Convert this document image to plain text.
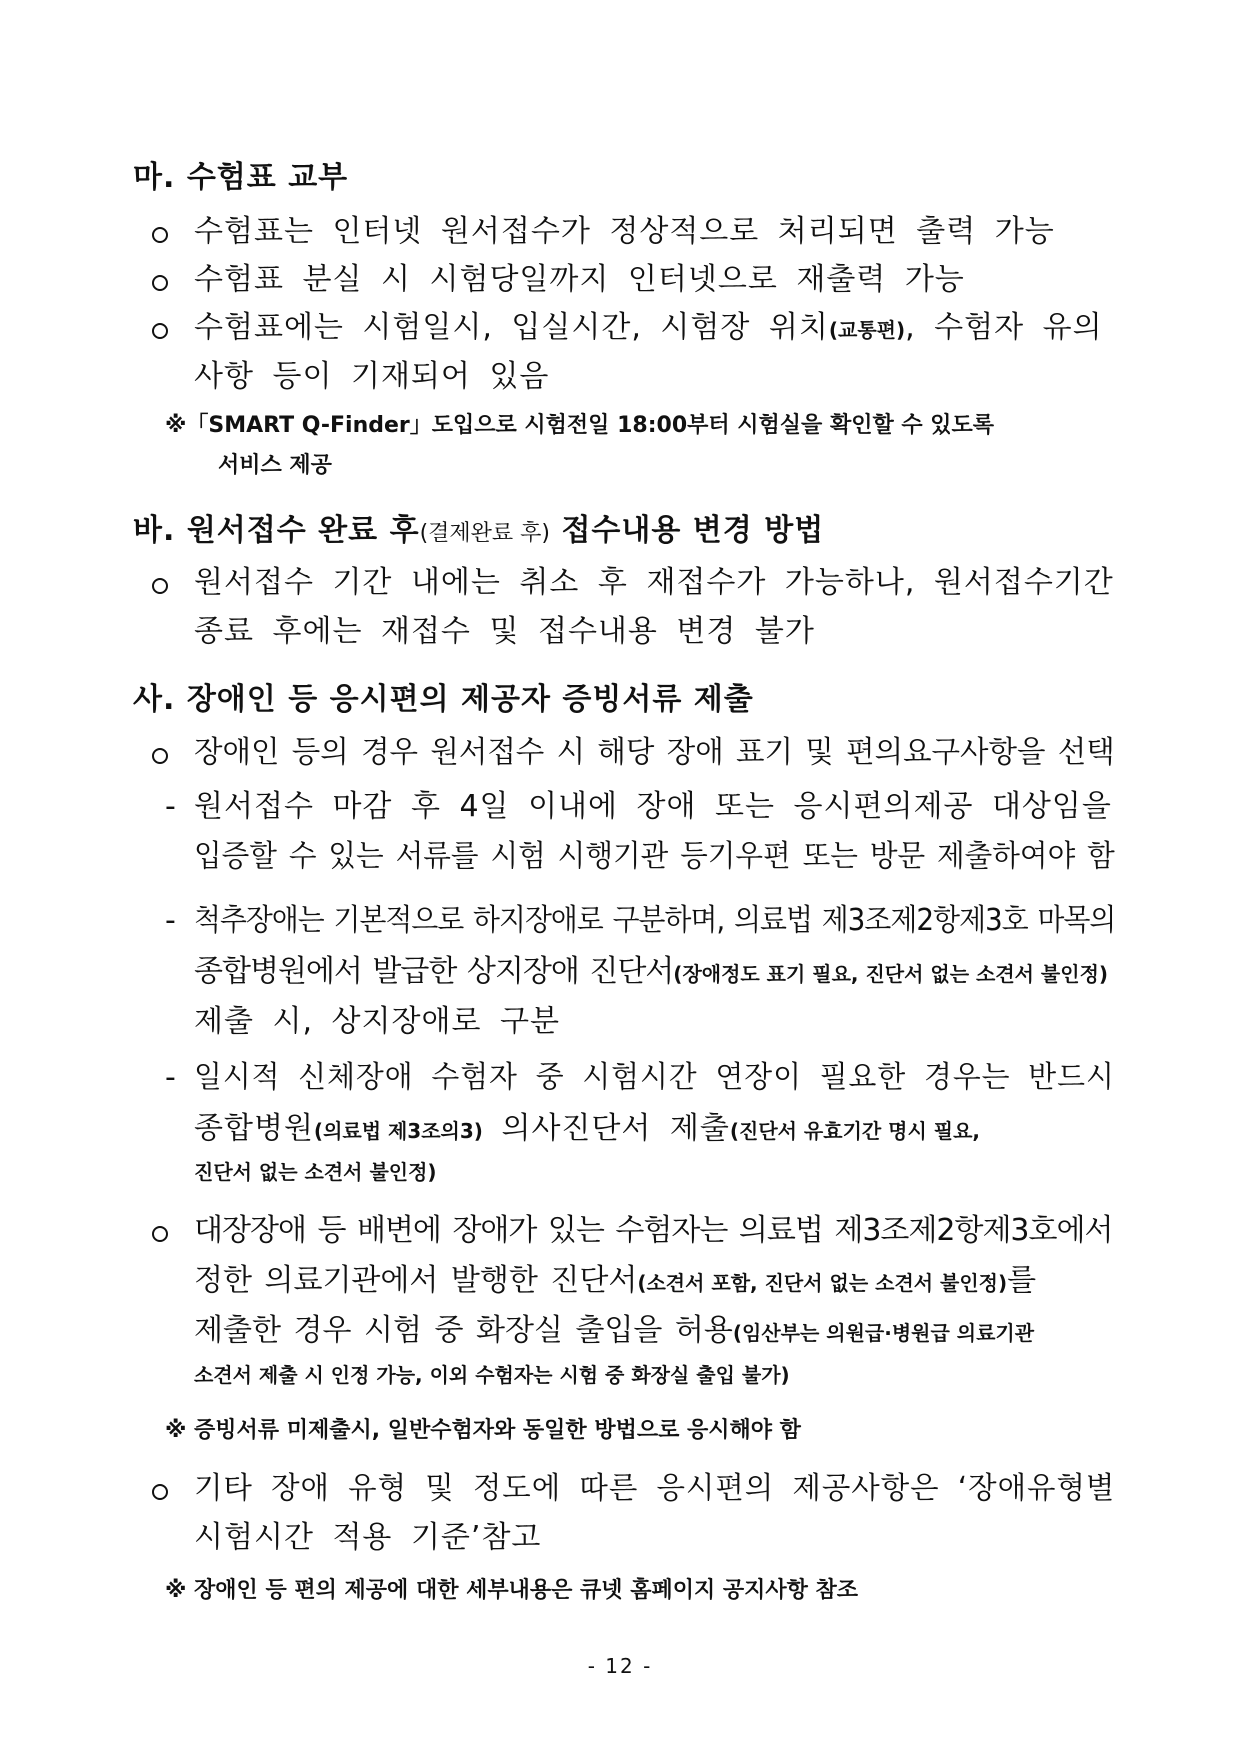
마. 수험표 교부
수험표는 인터넷 원서접수가 정상적으로 처리되면 출력 가능
수험표 분실 시 시험당일까지 인터넷으로 재출력 가능
수험표에는 시험일시, 입실시간, 시험장 위치(교통편), 수험자 유의
사항 등이 기재되어 있음
※「SMART Q-Finder」도입으로 시험전일 18:00부터 시험실을 확인할 수 있도록
서비스 제공
바. 원서접수 완료 후(결제완료 후) 접수내용 변경 방법
원서접수 기간 내에는 취소 후 재접수가 가능하나, 원서접수기간
종료 후에는 재접수 및 접수내용 변경 불가
사. 장애인 등 응시편의 제공자 증빙서류 제출
장애인 등의 경우 원서접수 시 해당 장애 표기 및 편의요구사항을 선택
- 원서접수 마감 후 4일 이내에 장애 또는 응시편의제공 대상임을
입증할 수 있는 서류를 시험 시행기관 등기우편 또는 방문 제출하여야 함
- 척추장애는 기본적으로 하지장애로 구분하며, 의료법 제3조제2항제3호 마목의
종합병원에서 발급한 상지장애 진단서(장애정도 표기 필요, 진단서 없는 소견서 불인정)
제출 시, 상지장애로 구분
- 일시적 신체장애 수험자 중 시험시간 연장이 필요한 경우는 반드시
종합병원(의료법 제3조의3) 의사진단서 제출(진단서 유효기간 명시 필요,
진단서 없는 소견서 불인정)
대장장애 등 배변에 장애가 있는 수험자는 의료법 제3조제2항제3호에서
정한 의료기관에서 발행한 진단서(소견서 포함, 진단서 없는 소견서 불인정)를
제출한 경우 시험 중 화장실 출입을 허용(임산부는 의원급·병원급 의료기관
소견서 제출 시 인정 가능, 이외 수험자는 시험 중 화장실 출입 불가)
※ 증빙서류 미제출시, 일반수험자와 동일한 방법으로 응시해야 함
기타 장애 유형 및 정도에 따른 응시편의 제공사항은 ‘장애유형별
시험시간 적용 기준’참고
※ 장애인 등 편의 제공에 대한 세부내용은 큐넷 홈페이지 공지사항 참조
- 12 -
